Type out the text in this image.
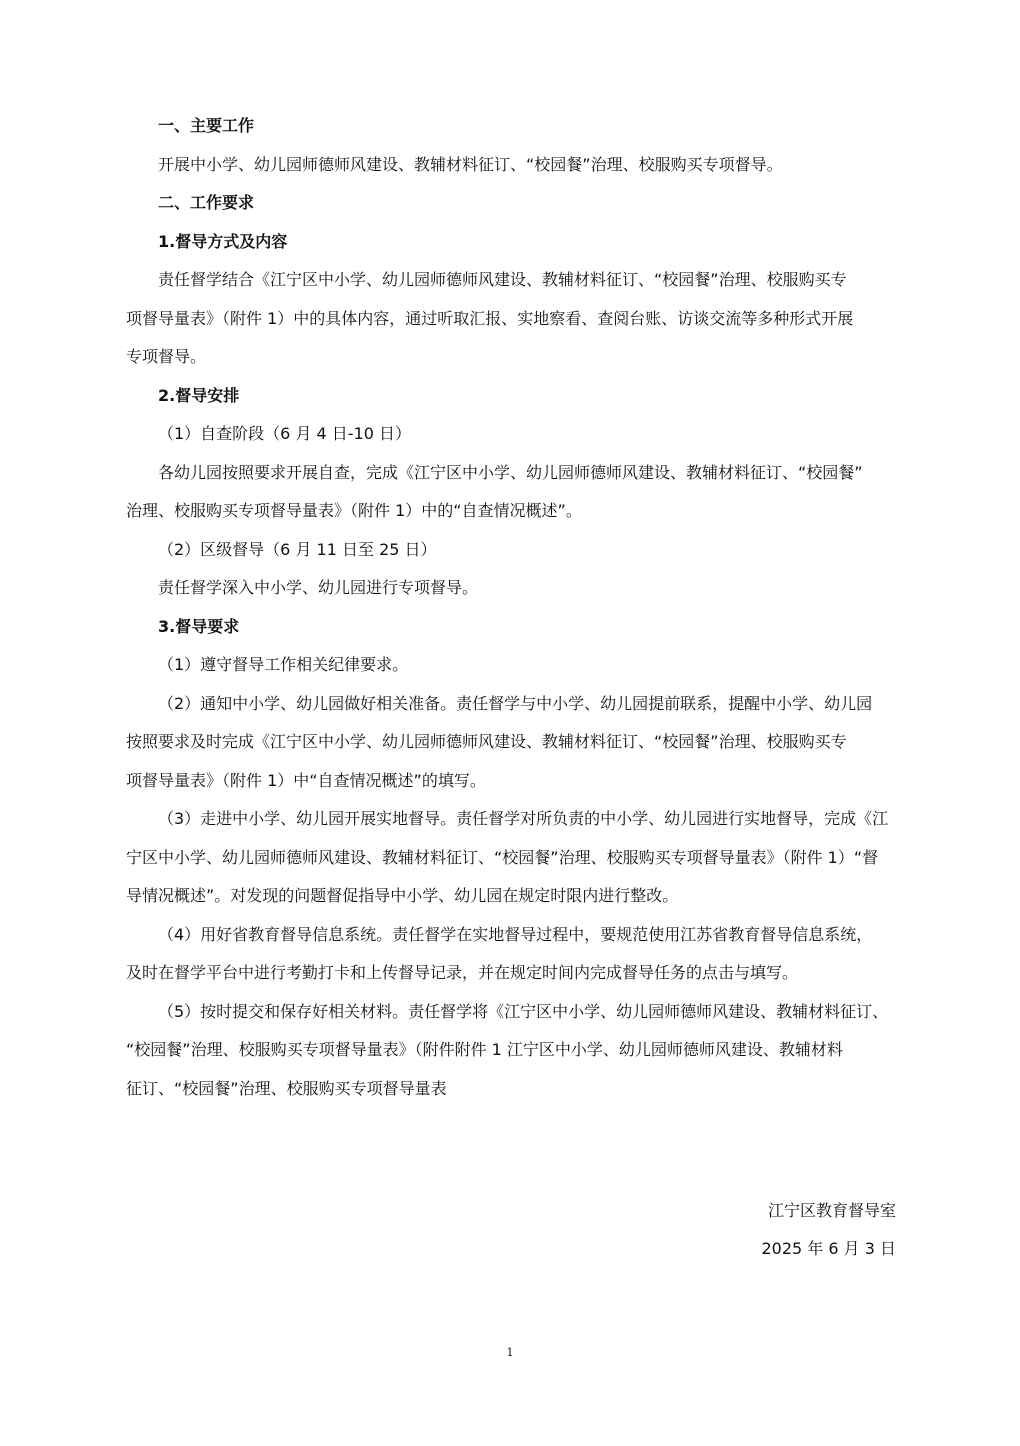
一、主要工作
开展中小学、幼儿园师德师风建设、教辅材料征订、“校园餐”治理、校服购买专项督导。
二、工作要求
1.督导方式及内容
责任督学结合《江宁区中小学、幼儿园师德师风建设、教辅材料征订、“校园餐”治理、校服购买专
项督导量表》（附件 1）中的具体内容，通过听取汇报、实地察看、查阅台账、访谈交流等多种形式开展
专项督导。
2.督导安排
（1）自查阶段（6 月 4 日-10 日）
各幼儿园按照要求开展自查，完成《江宁区中小学、幼儿园师德师风建设、教辅材料征订、“校园餐”
治理、校服购买专项督导量表》（附件 1）中的“自查情况概述”。
（2）区级督导（6 月 11 日至 25 日）
责任督学深入中小学、幼儿园进行专项督导。
3.督导要求
（1）遵守督导工作相关纪律要求。
（2）通知中小学、幼儿园做好相关准备。责任督学与中小学、幼儿园提前联系，提醒中小学、幼儿园
按照要求及时完成《江宁区中小学、幼儿园师德师风建设、教辅材料征订、“校园餐”治理、校服购买专
项督导量表》（附件 1）中“自查情况概述”的填写。
（3）走进中小学、幼儿园开展实地督导。责任督学对所负责的中小学、幼儿园进行实地督导，完成《江
宁区中小学、幼儿园师德师风建设、教辅材料征订、“校园餐”治理、校服购买专项督导量表》（附件 1）“督
导情况概述”。对发现的问题督促指导中小学、幼儿园在规定时限内进行整改。
（4）用好省教育督导信息系统。责任督学在实地督导过程中，要规范使用江苏省教育督导信息系统，
及时在督学平台中进行考勤打卡和上传督导记录，并在规定时间内完成督导任务的点击与填写。
（5）按时提交和保存好相关材料。责任督学将《江宁区中小学、幼儿园师德师风建设、教辅材料征订、
“校园餐”治理、校服购买专项督导量表》（附件附件 1 江宁区中小学、幼儿园师德师风建设、教辅材料
征订、“校园餐”治理、校服购买专项督导量表
江宁区教育督导室
2025 年 6 月 3 日
1
